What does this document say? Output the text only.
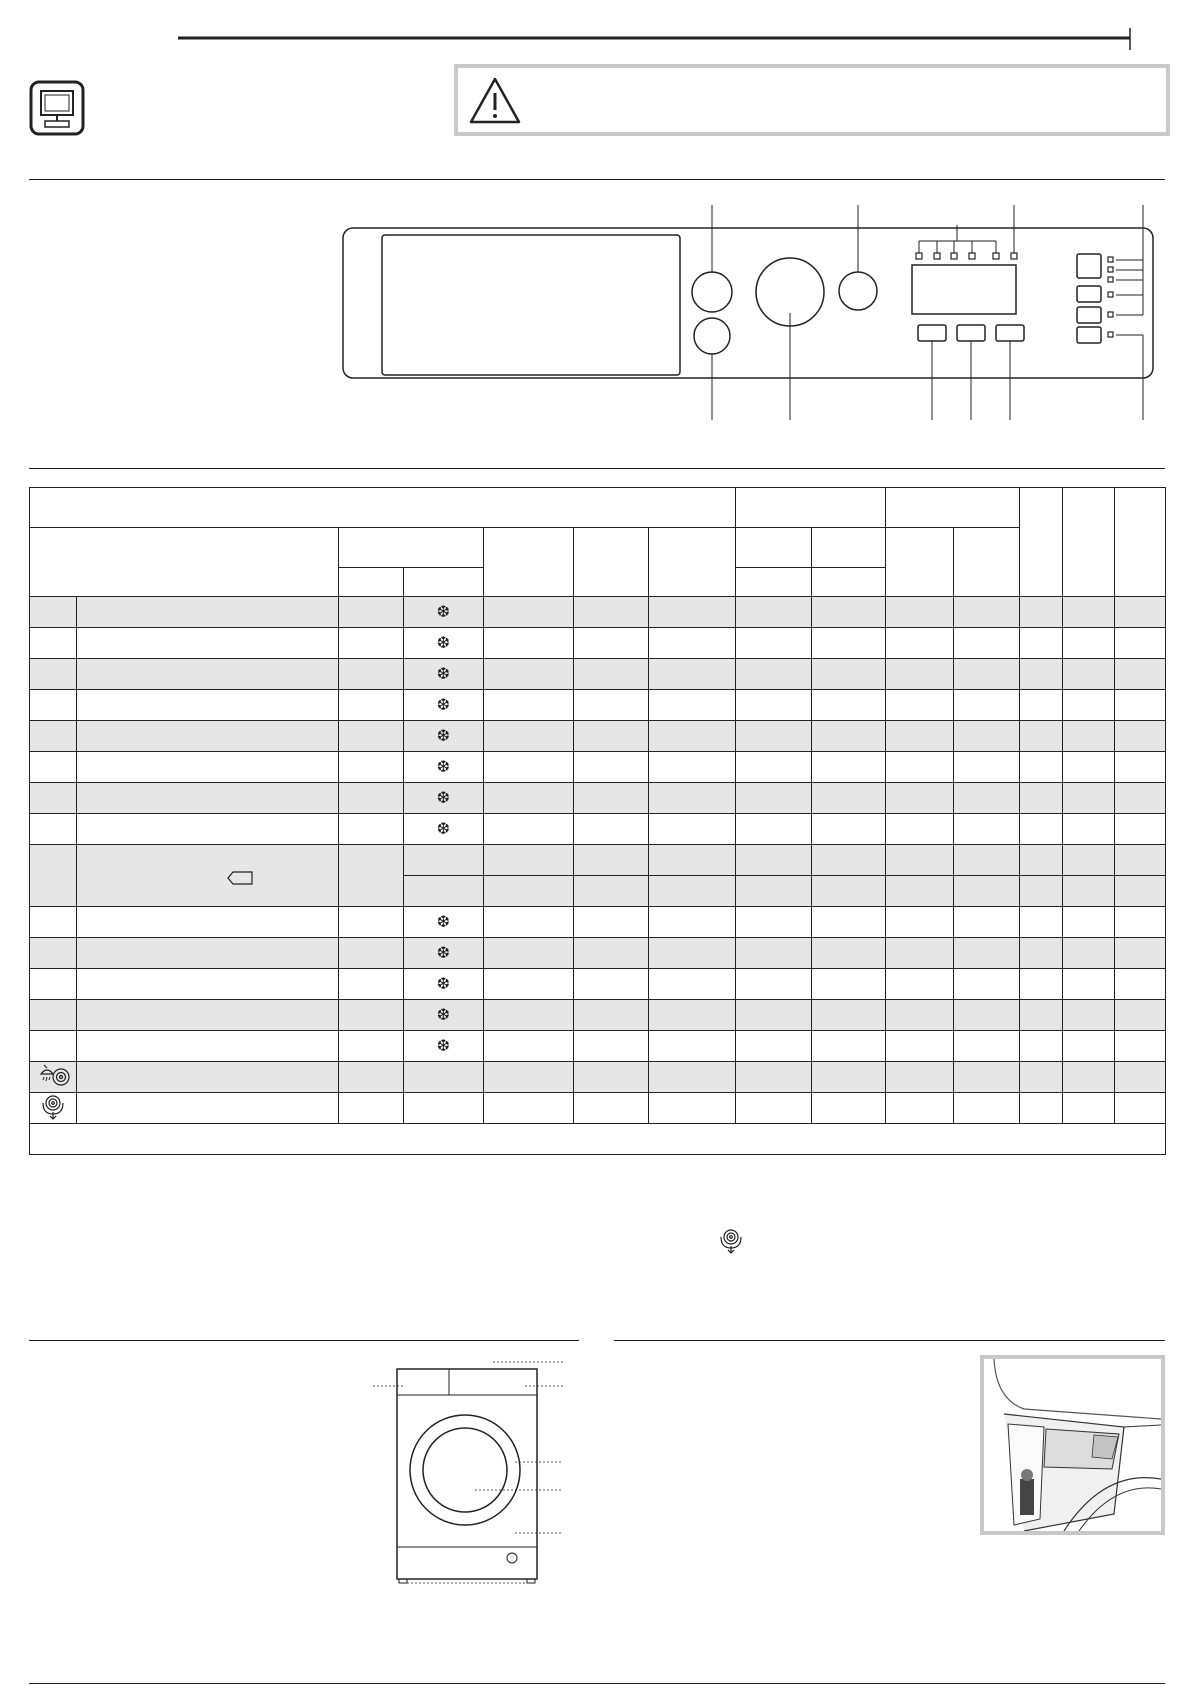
			❆										
			❆										
			❆										
			❆										
			❆										
			❆										
			❆										
			❆										

			❆										
			❆										
			❆										
			❆										
			❆										
